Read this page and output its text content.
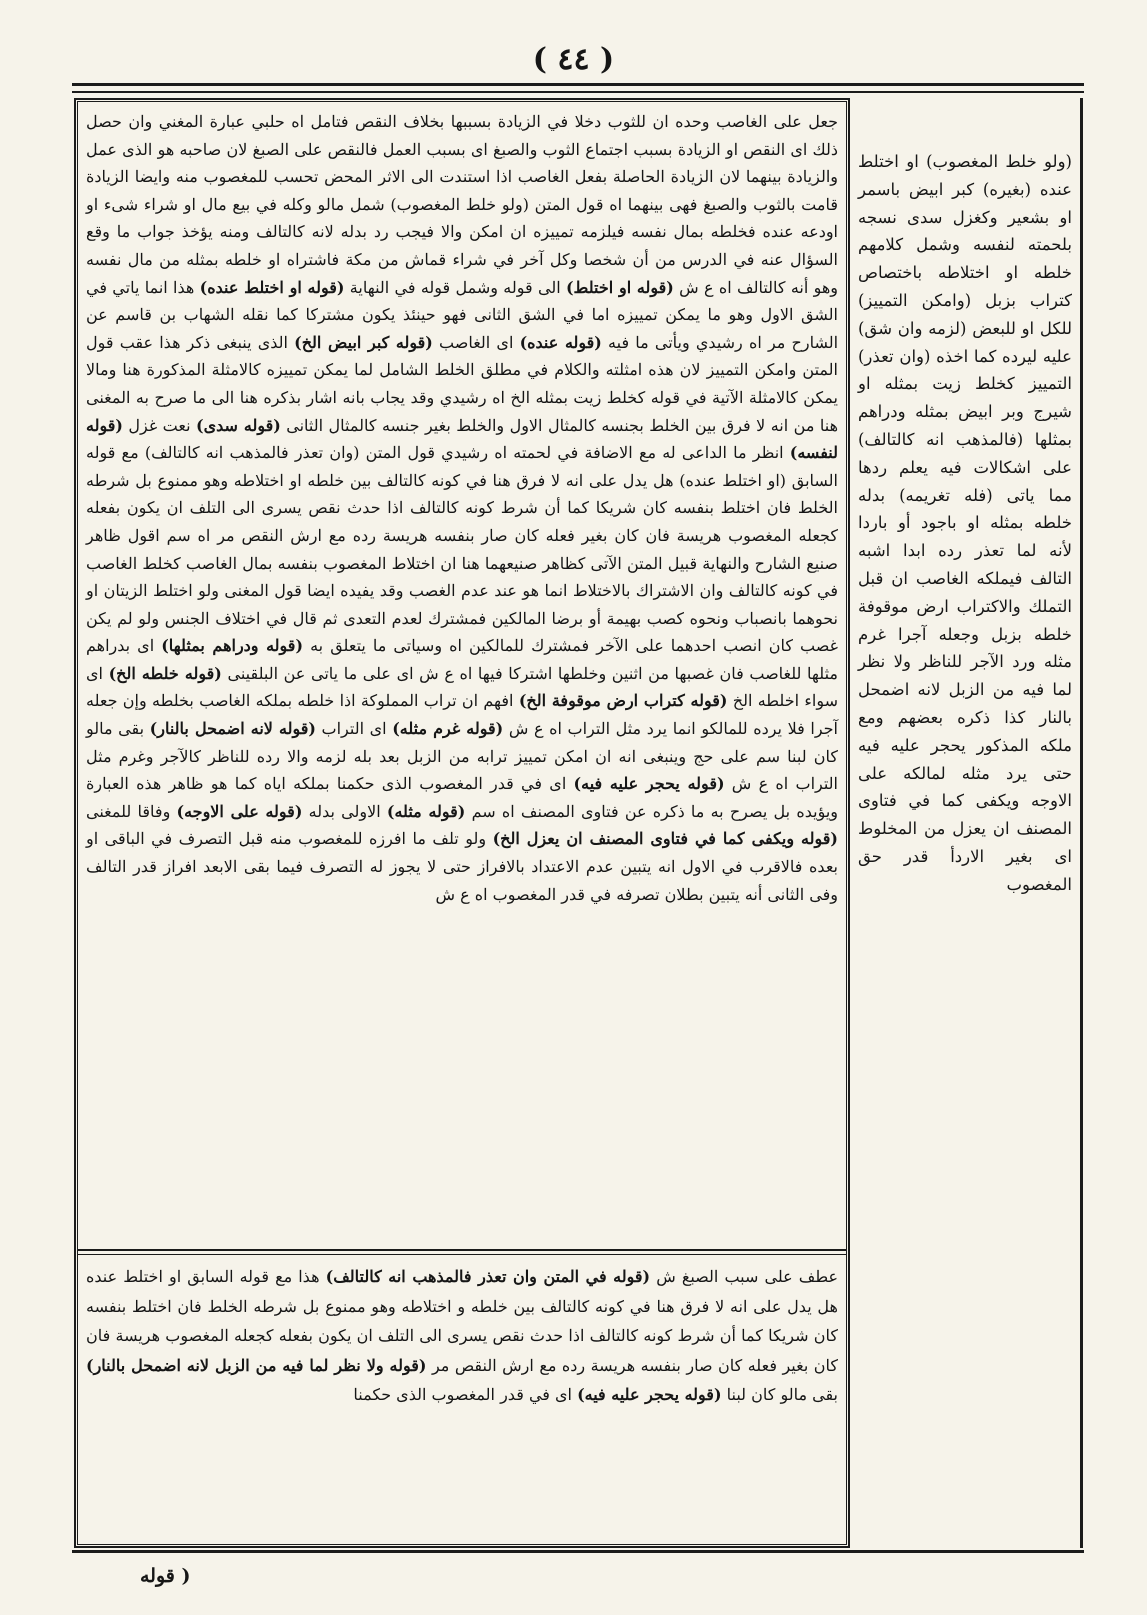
( ٤٤ )

جعل على الغاصب وحده ان للثوب دخلا في الزيادة بسببها بخلاف النقص فتامل اه حلبي عبارة المغني وان حصل ذلك اى النقص او الزيادة بسبب اجتماع الثوب والصبغ اى بسبب العمل فالنقص على الصبغ لان صاحبه هو الذى عمل والزيادة بينهما لان الزيادة الحاصلة بفعل الغاصب اذا استندت الى الاثر المحض تحسب للمغصوب منه وايضا الزيادة قامت بالثوب والصبغ فهى بينهما اه قول المتن (ولو خلط المغصوب) شمل مالو وكله في بيع مال او شراء شىء او اودعه عنده فخلطه بمال نفسه فيلزمه تمييزه ان امكن والا فيجب رد بدله لانه كالتالف ومنه يؤخذ جواب ما وقع السؤال عنه في الدرس من أن شخصا وكل آخر في شراء قماش من مكة فاشتراه او خلطه بمثله من مال نفسه وهو أنه كالتالف اه ع ش (قوله او اختلط) الى قوله وشمل قوله في النهاية (قوله او اختلط عنده) هذا انما ياتي في الشق الاول وهو ما يمكن تمييزه اما في الشق الثانى فهو حينئذ يكون مشتركا كما نقله الشهاب بن قاسم عن الشارح مر اه رشيدي ويأتى ما فيه (قوله عنده) اى الغاصب (قوله كبر ابيض الخ) الذى ينبغى ذكر هذا عقب قول المتن وامكن التمييز لان هذه امثلته والكلام في مطلق الخلط الشامل لما يمكن تمييزه كالامثلة المذكورة هنا ومالا يمكن كالامثلة الآتية في قوله كخلط زيت بمثله الخ اه رشيدي وقد يجاب بانه اشار بذكره هنا الى ما صرح به المغنى هنا من انه لا فرق بين الخلط بجنسه كالمثال الاول والخلط بغير جنسه كالمثال الثانى (قوله سدى) نعت غزل (قوله لنفسه) انظر ما الداعى له مع الاضافة في لحمته اه رشيدي قول المتن (وان تعذر فالمذهب انه كالتالف) مع قوله السابق (او اختلط عنده) هل يدل على انه لا فرق هنا في كونه كالتالف بين خلطه او اختلاطه وهو ممنوع بل شرطه الخلط فان اختلط بنفسه كان شريكا كما أن شرط كونه كالتالف اذا حدث نقص يسرى الى التلف ان يكون بفعله كجعله المغصوب هريسة فان كان بغير فعله كان صار بنفسه هريسة رده مع ارش النقص مر اه سم اقول ظاهر صنيع الشارح والنهاية قبيل المتن الآتى كظاهر صنيعهما هنا ان اختلاط المغصوب بنفسه بمال الغاصب كخلط الغاصب في كونه كالتالف وان الاشتراك بالاختلاط انما هو عند عدم الغصب وقد يفيده ايضا قول المغنى ولو اختلط الزيتان او نحوهما بانصباب ونحوه كصب بهيمة أو برضا المالكين فمشترك لعدم التعدى ثم قال في اختلاف الجنس ولو لم يكن غصب كان انصب احدهما على الآخر فمشترك للمالكين اه وسياتى ما يتعلق به (قوله ودراهم بمثلها) اى بدراهم مثلها للغاصب فان غصبها من اثنين وخلطها اشتركا فيها اه ع ش اى على ما ياتى عن البلقينى (قوله خلطه الخ) اى سواء اخلطه الخ (قوله كتراب ارض موقوفة الخ) افهم ان تراب المملوكة اذا خلطه بملكه الغاصب بخلطه وإن جعله آجرا فلا يرده للمالكو انما يرد مثل التراب اه ع ش (قوله غرم مثله) اى التراب (قوله لانه اضمحل بالنار) بقى مالو كان لبنا سم على حج وينبغى انه ان امكن تمييز ترابه من الزبل بعد بله لزمه والا رده للناظر كالآجر وغرم مثل التراب اه ع ش (قوله يحجر عليه فيه) اى في قدر المغصوب الذى حكمنا بملكه اياه كما هو ظاهر هذه العبارة ويؤيده بل يصرح به ما ذكره عن فتاوى المصنف اه سم (قوله مثله) الاولى بدله (قوله على الاوجه) وفاقا للمغنى (قوله ويكفى كما في فتاوى المصنف ان يعزل الخ) ولو تلف ما افرزه للمغصوب منه قبل التصرف في الباقى او بعده فالاقرب في الاول انه يتبين عدم الاعتداد بالافراز حتى لا يجوز له التصرف فيما بقى الابعد افراز قدر التالف وفى الثانى أنه يتبين بطلان تصرفه في قدر المغصوب اه ع ش

عطف على سبب الصبغ ش (قوله في المتن وان تعذر فالمذهب انه كالتالف) هذا مع قوله السابق او اختلط عنده هل يدل على انه لا فرق هنا في كونه كالتالف بين خلطه و اختلاطه وهو ممنوع بل شرطه الخلط فان اختلط بنفسه كان شريكا كما أن شرط كونه كالتالف اذا حدث نقص يسرى الى التلف ان يكون بفعله كجعله المغصوب هريسة فان كان بغير فعله كان صار بنفسه هريسة رده مع ارش النقص مر (قوله ولا نظر لما فيه من الزبل لانه اضمحل بالنار) بقى مالو كان لبنا (قوله يحجر عليه فيه) اى في قدر المغصوب الذى حكمنا

(ولو خلط المغصوب) او اختلط عنده (بغيره) كبر ابيض باسمر او بشعير وكغزل سدى نسجه بلحمته لنفسه وشمل كلامهم خلطه او اختلاطه باختصاص كتراب بزبل (وامكن التمييز) للكل او للبعض (لزمه وان شق) عليه ليرده كما اخذه (وان تعذر) التمييز كخلط زيت بمثله او شيرج وبر ابيض بمثله ودراهم بمثلها (فالمذهب انه كالتالف) على اشكالات فيه يعلم ردها مما ياتى (فله تغريمه) بدله خلطه بمثله او باجود أو باردا لأنه لما تعذر رده ابدا اشبه التالف فيملكه الغاصب ان قبل التملك والاكتراب ارض موقوفة خلطه بزبل وجعله آجرا غرم مثله ورد الآجر للناظر ولا نظر لما فيه من الزبل لانه اضمحل بالنار كذا ذكره بعضهم ومع ملكه المذكور يحجر عليه فيه حتى يرد مثله لمالكه على الاوجه ويكفى كما في فتاوى المصنف ان يعزل من المخلوط اى بغير الاردأ قدر حق المغصوب

( قوله
